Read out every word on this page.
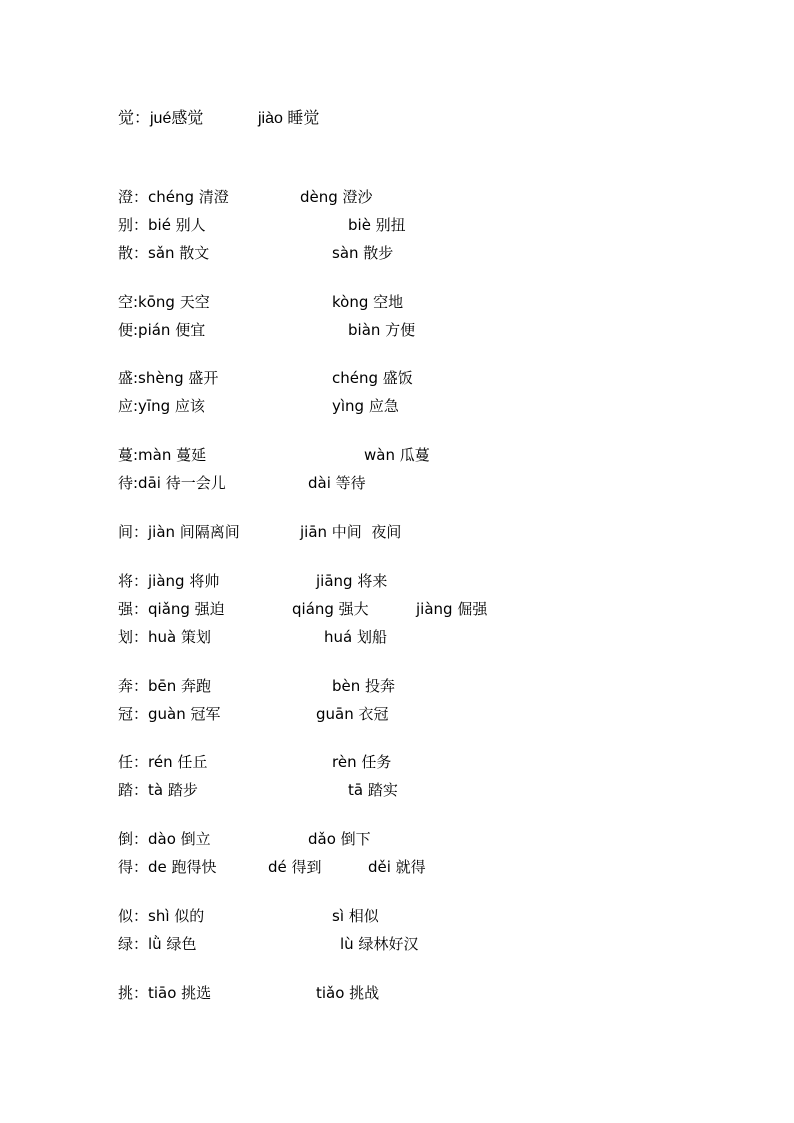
觉：jué感觉	jiào 睡觉
澄：chéng 清澄	dèng 澄沙
别：bié 别人	biè 别扭
散：sǎn 散文	sàn 散步
空:kōng 天空	kòng 空地
便:pián 便宜	biàn 方便
盛:shèng 盛开	chéng 盛饭
应:yīng 应该	yìng 应急
蔓:màn 蔓延	wàn 瓜蔓
待:dāi 待一会儿	dài 等待
间：jiàn 间隔离间	jiān 中间  夜间
将：jiàng 将帅	jiāng 将来
强：qiǎng 强迫	qiáng 强大	jiàng 倔强
划：huà 策划	huá 划船
奔：bēn 奔跑	bèn 投奔
冠：guàn 冠军	guān 衣冠
任：rén 任丘	rèn 任务
踏：tà 踏步	tā 踏实
倒：dào 倒立	dǎo 倒下
得：de 跑得快	dé 得到	děi 就得
似：shì 似的	sì 相似
绿：lǜ 绿色	lù 绿林好汉
挑：tiāo 挑选	tiǎo 挑战
